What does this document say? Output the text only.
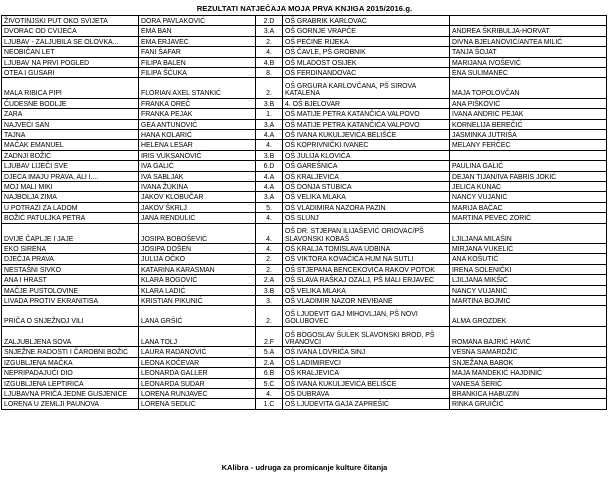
REZULTATI NATJEČAJA MOJA PRVA KNJIGA 2015/2016.g.
ŽIVOTINJSKI PUT OKO SVIJETA	DORA PAVLAKOVIĆ	2.D	OŠ GRABRIK KARLOVAC	
DVORAC OD CVIJEĆA	EMA BAN	3.A	OŠ GORNJE VRAPČE	ANDREA ŠKRIBULJA-HORVAT
LJUBAV - ZALJUBILA SE OLOVKA...	EMA ERJAVEC	2.	OŠ PEĆINE RIJEKA	DIVNA BJELANOVIĆ/ANTEA MILIĆ
NEOBIČAN LET	FANI ŠAFAR	4.	OŠ ČAVLE, PŠ GROBNIK	TANJA ŠOJAT
LJUBAV NA PRVI POGLED	FILIPA BALEN	4.B	OŠ MLADOST OSIJEK	MARIJANA IVOŠEVIĆ
OTEA I GUSARI	FILIPA ŠĆUKA	8.	OŠ FERDINANDOVAC	ENA SULIMANEC
MALA RIBICA PIPI	FLORIAN AXEL STANKIĆ	2.	OŠ GRGURA KARLOVČANA, PŠ SIROVA KATALENA	MAJA TOPOLOVČAN
ČUDESNE BODLJE	FRANKA OREČ	3.B	4. OŠ BJELOVAR	ANA PIŠKOVIĆ
ZARA	FRANKA PEJAK	1.	OŠ MATIJE PETRA KATANČIĆA VALPOVO	IVANA ANDRIĆ PEJAK
NAJVEĆI SAN	GEA ANTUNOVIĆ	3.A	OŠ MATIJE PETRA KATANČIĆA VALPOVO	KORNELIJA BEREČIĆ
TAJNA	HANA KOLARIĆ	4.A	OŠ IVANA KUKULJEVIĆA BELIŠĆE	JASMINKA JUTRIŠA
MAČAK EMANUEL	HELENA LESAR	4.	OŠ KOPRIVNIČKI IVANEC	MELANY FERČEC
ZADNJI BOŽIĆ	IRIS VUKSANOVIĆ	3.B	OŠ JULIJA KLOVIĆA	
LJUBAV LIJEČI SVE	IVA GALIĆ	6.D	OŠ GAREŠNICA	PAULINA GALIĆ
DJECA IMAJU PRAVA, ALI I....	IVA SABLJAK	4.A	OŠ KRALJEVICA	DEJAN TIJAN/IVA FABRIS JOKIĆ
MOJ MALI MIKI	IVANA ŽUKINA	4.A	OŠ DONJA STUBICA	JELICA KUNAC
NAJBOLJA ZIMA	JAKOV KLOBUČAR	3.A	OŠ VELIKA MLAKA	NANCY VUJANIĆ
U POTRAZI ZA LADOM	JAKOV ŠKRLJ	5.	OŠ VLADIMIRA NAZORA PAZIN	MARIJA BAČAC
BOŽIĆ PATULJKA PETRA	JANA RENDULIĆ	4.	OŠ SLUNJ	MARTINA PEVEC ZORIĆ
DVIJE ČAPLJE I JAJE	JOSIPA BOBOŠEVIĆ	4.	OŠ DR. STJEPAN ILIJAŠEVIĆ ORIOVAC/PŠ SLAVONSKI KOBAŠ	LJILJANA MILAŠIN
EKO SIRENA	JOSIPA DOŠEN	4.	OŠ KRALJA TOMISLAVA UDBINA	MIRJANA VUKELIĆ
DJEČJA PRAVA	JULIJA OČKO	2.	OŠ VIKTORA KOVAČIĆA HUM NA SUTLI	ANA KOŠUTIĆ
NESTAŠNI SIVKO	KATARINA KARASMAN	2.	OŠ STJEPANA BENCEKOVIĆA RAKOV POTOK	IRENA SOLENIČKI
ANA I HRAST	KLARA BOGOVIĆ	2.A	OŠ SLAVA RAŠKAJ OZALJ, PŠ MALI ERJAVEC	LJILJANA MIKŠIĆ
MAČJE PUSTOLOVINE	KLARA LADIĆ	3.B	OŠ VELIKA MLAKA	NANCY VUJANIĆ
LIVADA PROTIV EKRANITISA	KRISTIAN PIKUNIĆ	3.	OŠ VLADIMIR NAZOR NEVIĐANE	MARTINA BOJMIĆ
PRIČA O SNJEŽNOJ VILI	LANA GRŠIĆ	2.	OŠ LJUDEVIT GAJ MIHOVLJAN, PŠ NOVI GOLUBOVEC	ALMA GROZDEK
ZALJUBLJENA SOVA	LANA TOLJ	2.F	OŠ BOGOSLAV ŠULEK SLAVONSKI BROD, PŠ VRANOVCI	ROMANA BAJRIĆ HAVIĆ
SNJEŽNE RADOSTI I ČAROBNI BOŽIĆ	LAURA RADANOVIĆ	5.A	OŠ IVANA LOVRIĆA SINJ	VESNA SAMARDŽIĆ
IZGUBLJENA MAČKA	LEONA KOČEVAR	2.A	OŠ LADIMIREVCI	SNJEŽANA BABOK
NEPRIPADAJUĆI DIO	LEONARDA GALLER	6.B	OŠ KRALJEVICA	MAJA MANDEKIĆ HAJDINIĆ
IZGUBLJENA LEPTIRICA	LEONARDA SUDAR	5.C	OŠ IVANA KUKULJEVIĆA BELIŠĆE	VANESA ŠERIĆ
LJUBAVNA PRIČA JEDNE GUSJENICE	LORENA RUNJAVEC	4.	OŠ DUBRAVA	BRANKICA HABUZIN
LORENA U ZEMLJI PAUNOVA	LORENA SEDLIĆ	1.C	OŠ LJUDEVITA GAJA ZAPREŠIĆ	RINKA GRUIČIĆ
KAlibra - udruga za promicanje kulture čitanja
